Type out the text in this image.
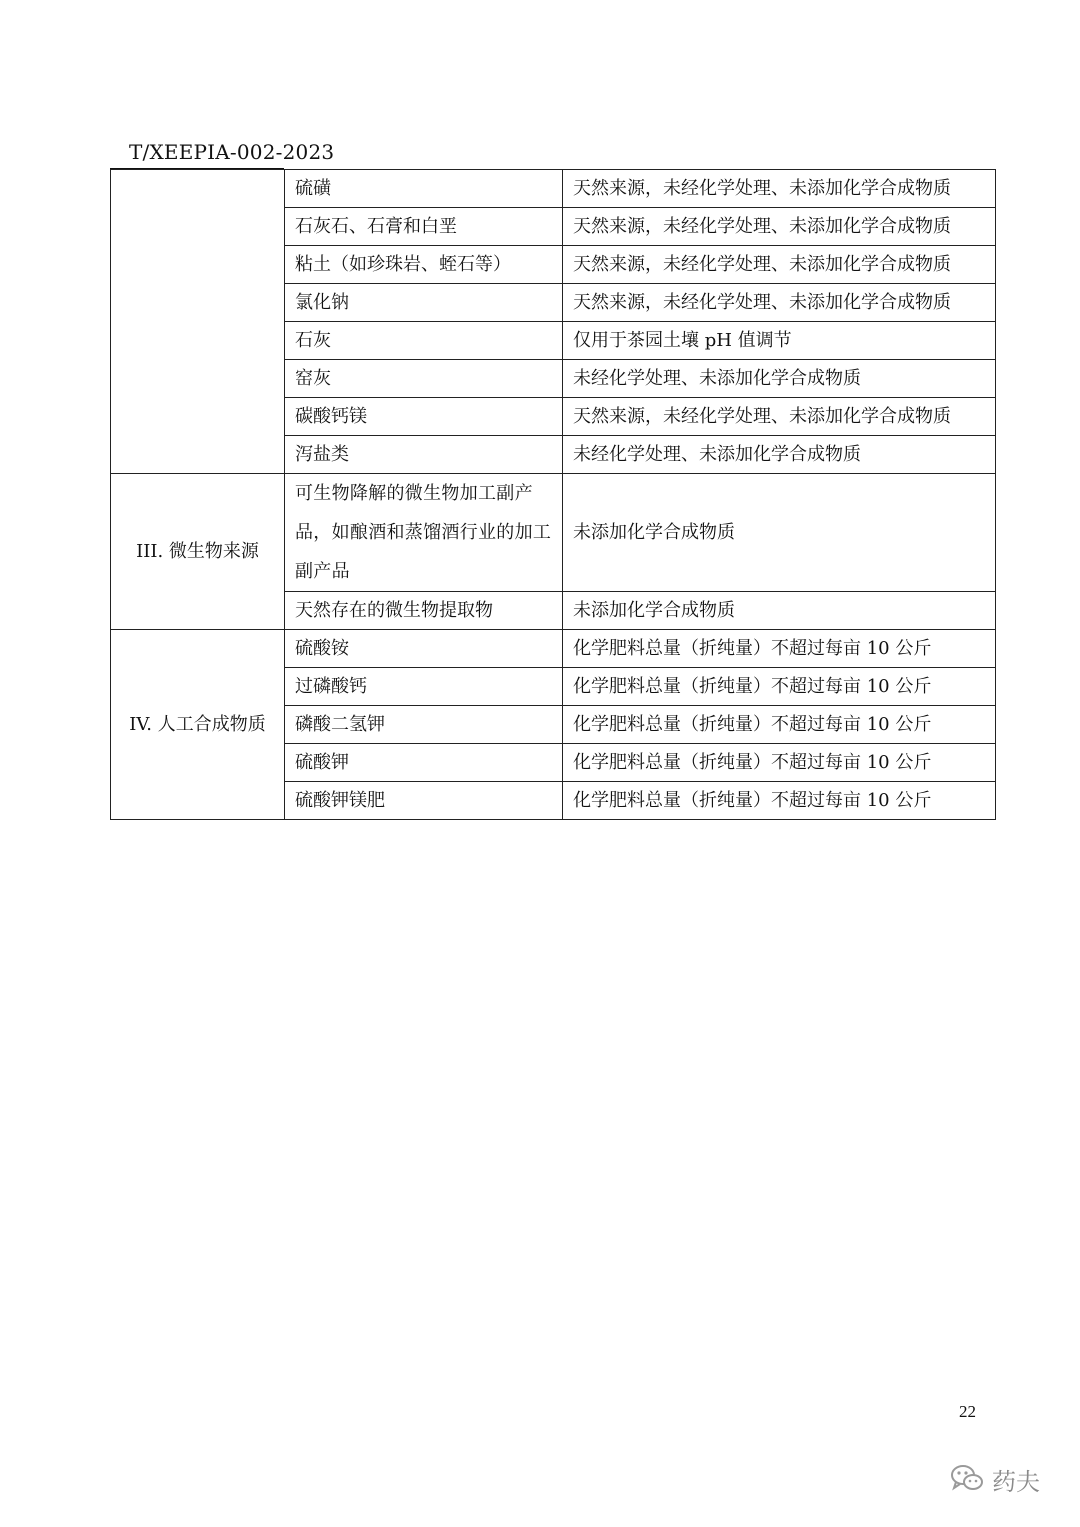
T/XEEPIA-002-2023
	硫磺	天然来源，未经化学处理、未添加化学合成物质
	石灰石、石膏和白垩	天然来源，未经化学处理、未添加化学合成物质
	粘土（如珍珠岩、蛭石等）	天然来源，未经化学处理、未添加化学合成物质
	氯化钠	天然来源，未经化学处理、未添加化学合成物质
	石灰	仅用于茶园土壤 pH 值调节
	窑灰	未经化学处理、未添加化学合成物质
	碳酸钙镁	天然来源，未经化学处理、未添加化学合成物质
	泻盐类	未经化学处理、未添加化学合成物质
III. 微生物来源	可生物降解的微生物加工副产品，如酿酒和蒸馏酒行业的加工副产品	未添加化学合成物质
	天然存在的微生物提取物	未添加化学合成物质
IV. 人工合成物质	硫酸铵	化学肥料总量（折纯量）不超过每亩 10 公斤
	过磷酸钙	化学肥料总量（折纯量）不超过每亩 10 公斤
	磷酸二氢钾	化学肥料总量（折纯量）不超过每亩 10 公斤
	硫酸钾	化学肥料总量（折纯量）不超过每亩 10 公斤
	硫酸钾镁肥	化学肥料总量（折纯量）不超过每亩 10 公斤
22
药夫
